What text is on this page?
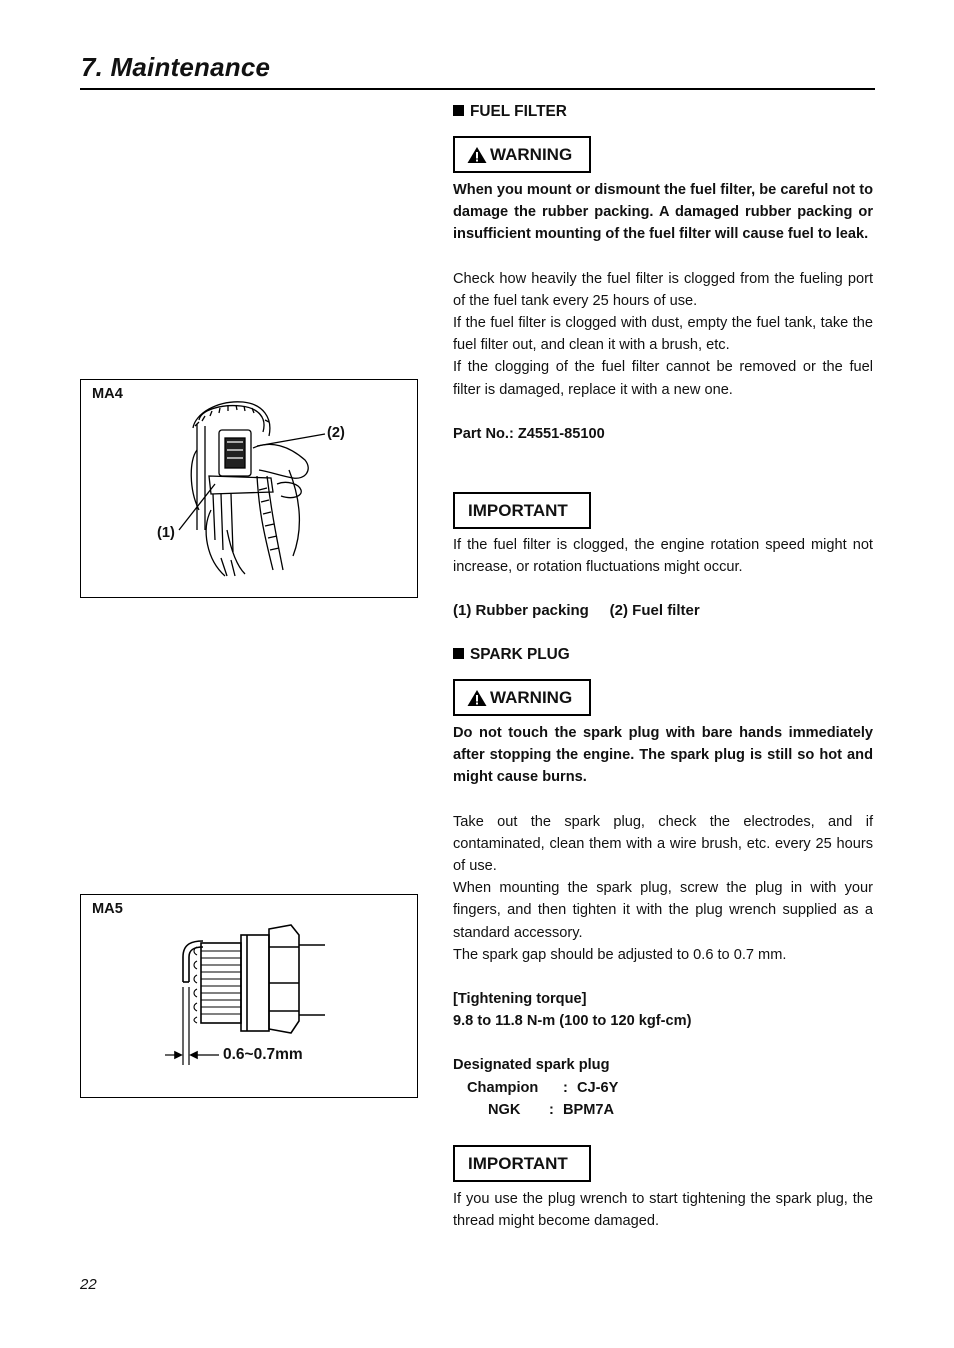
7. Maintenance
FUEL FILTER
WARNING

When you mount or dismount the fuel filter, be careful not to damage the rubber packing. A damaged rubber packing or insufficient mounting of the fuel filter will cause fuel to leak.

Check how heavily the fuel filter is clogged from the fueling port of the fuel tank every 25 hours of use.

If the fuel filter is clogged with dust, empty the fuel tank, take the fuel filter out, and clean it with a brush, etc.

If the clogging of the fuel filter cannot be removed or the fuel filter is damaged, replace it with a new one.

Part No.: Z4551-85100

IMPORTANT

If the fuel filter is clogged, the engine rotation speed might not increase, or rotation fluctuations might occur.

(1) Rubber packing     (2) Fuel filter

SPARK PLUG
WARNING

Do not touch the spark plug with bare hands immediately after stopping the engine. The spark plug is still so hot and might cause burns.

Take out the spark plug, check the electrodes, and if contaminated, clean them with a wire brush, etc. every 25 hours of use.

When mounting the spark plug, screw the plug in with your fingers, and then tighten it with the plug wrench supplied as a standard accessory.

The spark gap should be adjusted to 0.6 to 0.7 mm.

[Tightening torque]

9.8 to 11.8 N-m (100 to 120 kgf-cm)

Designated spark plug

Champion	: CJ-6Y
NGK	: BPM7A
IMPORTANT

If you use the plug wrench to start tightening the spark plug, the thread might become damaged.

MA4
(2)
(1)
MA5
0.6~0.7mm
22
